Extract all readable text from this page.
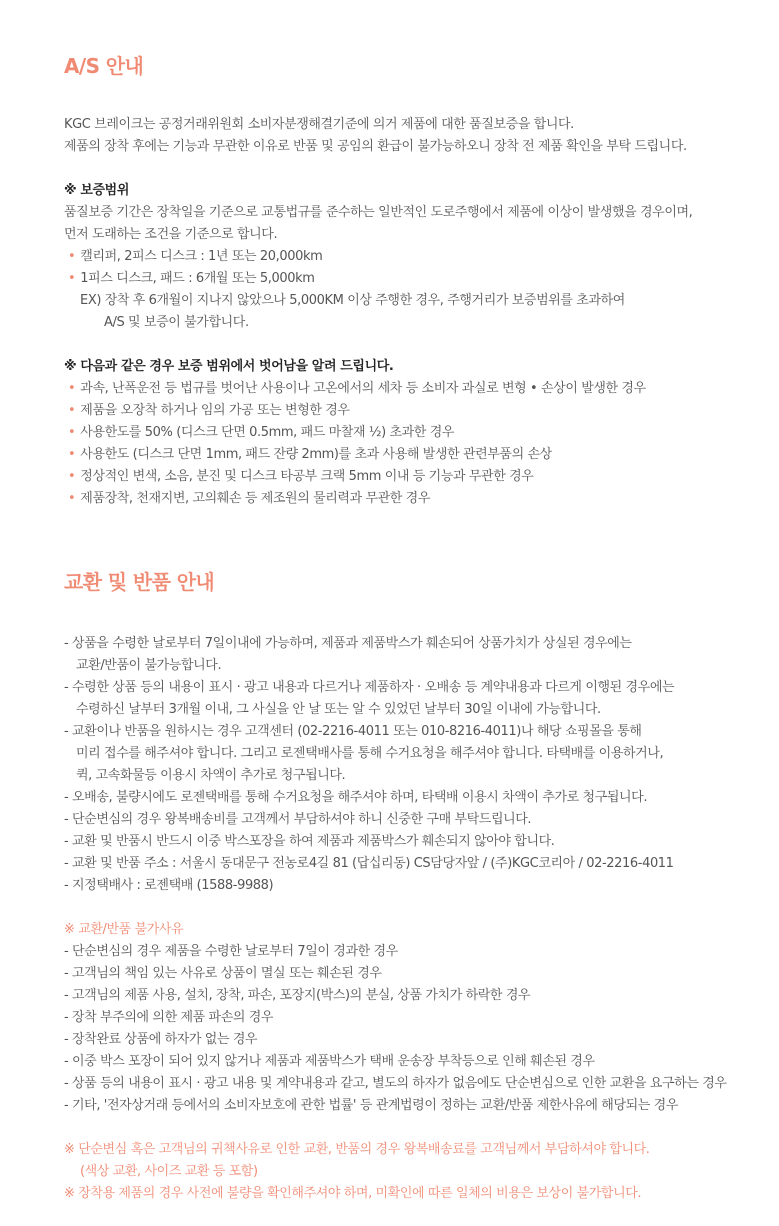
A/S 안내
KGC 브레이크는 공정거래위원회 소비자분쟁해결기준에 의거 제품에 대한 품질보증을 합니다.
제품의 장착 후에는 기능과 무관한 이유로 반품 및 공임의 환급이 불가능하오니 장착 전 제품 확인을 부탁 드립니다.
※ 보증범위
품질보증 기간은 장착일을 기준으로 교통법규를 준수하는 일반적인 도로주행에서 제품에 이상이 발생했을 경우이며,
먼저 도래하는 조건을 기준으로 합니다.
• 캘리퍼, 2피스 디스크 : 1년 또는 20,000km
• 1피스 디스크, 패드 : 6개월 또는 5,000km
EX) 장착 후 6개월이 지나지 않았으나 5,000KM 이상 주행한 경우, 주행거리가 보증범위를 초과하여
A/S 및 보증이 불가합니다.
※ 다음과 같은 경우 보증 범위에서 벗어남을 알려 드립니다.
• 과속, 난폭운전 등 법규를 벗어난 사용이나 고온에서의 세차 등 소비자 과실로 변형 • 손상이 발생한 경우
• 제품을 오장착 하거나 임의 가공 또는 변형한 경우
• 사용한도를 50% (디스크 단면 0.5mm, 패드 마찰재 ½) 초과한 경우
• 사용한도 (디스크 단면 1mm, 패드 잔량 2mm)를 초과 사용해 발생한 관련부품의 손상
• 정상적인 변색, 소음, 분진 및 디스크 타공부 크랙 5mm 이내 등 기능과 무관한 경우
• 제품장착, 천재지변, 고의훼손 등 제조원의 물리력과 무관한 경우
교환 및 반품 안내
- 상품을 수령한 날로부터 7일이내에 가능하며, 제품과 제품박스가 훼손되어 상품가치가 상실된 경우에는
교환/반품이 불가능합니다.
- 수령한 상품 등의 내용이 표시 · 광고 내용과 다르거나 제품하자 · 오배송 등 계약내용과 다르게 이행된 경우에는
수령하신 날부터 3개월 이내, 그 사실을 안 날 또는 알 수 있었던 날부터 30일 이내에 가능합니다.
- 교환이나 반품을 원하시는 경우 고객센터 (02-2216-4011 또는 010-8216-4011)나 해당 쇼핑몰을 통해
미리 접수를 해주셔야 합니다. 그리고 로젠택배사를 통해 수거요청을 해주셔야 합니다. 타택배를 이용하거나,
퀵, 고속화물등 이용시 차액이 추가로 청구됩니다.
- 오배송, 불량시에도 로젠택배를 통해 수거요청을 해주셔야 하며, 타택배 이용시 차액이 추가로 청구됩니다.
- 단순변심의 경우 왕복배송비를 고객께서 부담하셔야 하니 신중한 구매 부탁드립니다.
- 교환 및 반품시 반드시 이중 박스포장을 하여 제품과 제품박스가 훼손되지 않아야 합니다.
- 교환 및 반품 주소 : 서울시 동대문구 전농로4길 81 (답십리동) CS담당자앞 / (주)KGC코리아 / 02-2216-4011
- 지정택배사 : 로젠택배 (1588-9988)
※ 교환/반품 불가사유
- 단순변심의 경우 제품을 수령한 날로부터 7일이 경과한 경우
- 고객님의 책임 있는 사유로 상품이 멸실 또는 훼손된 경우
- 고객님의 제품 사용, 설치, 장착, 파손, 포장지(박스)의 분실, 상품 가치가 하락한 경우
- 장착 부주의에 의한 제품 파손의 경우
- 장착완료 상품에 하자가 없는 경우
- 이중 박스 포장이 되어 있지 않거나 제품과 제품박스가 택배 운송장 부착등으로 인해 훼손된 경우
- 상품 등의 내용이 표시 · 광고 내용 및 계약내용과 같고, 별도의 하자가 없음에도 단순변심으로 인한 교환을 요구하는 경우
- 기타, '전자상거래 등에서의 소비자보호에 관한 법률' 등 관계법령이 정하는 교환/반품 제한사유에 해당되는 경우
※ 단순변심 혹은 고객님의 귀책사유로 인한 교환, 반품의 경우 왕복배송료를 고객님께서 부담하셔야 합니다.
(색상 교환, 사이즈 교환 등 포함)
※ 장착용 제품의 경우 사전에 불량을 확인해주셔야 하며, 미확인에 따른 일체의 비용은 보상이 불가합니다.
